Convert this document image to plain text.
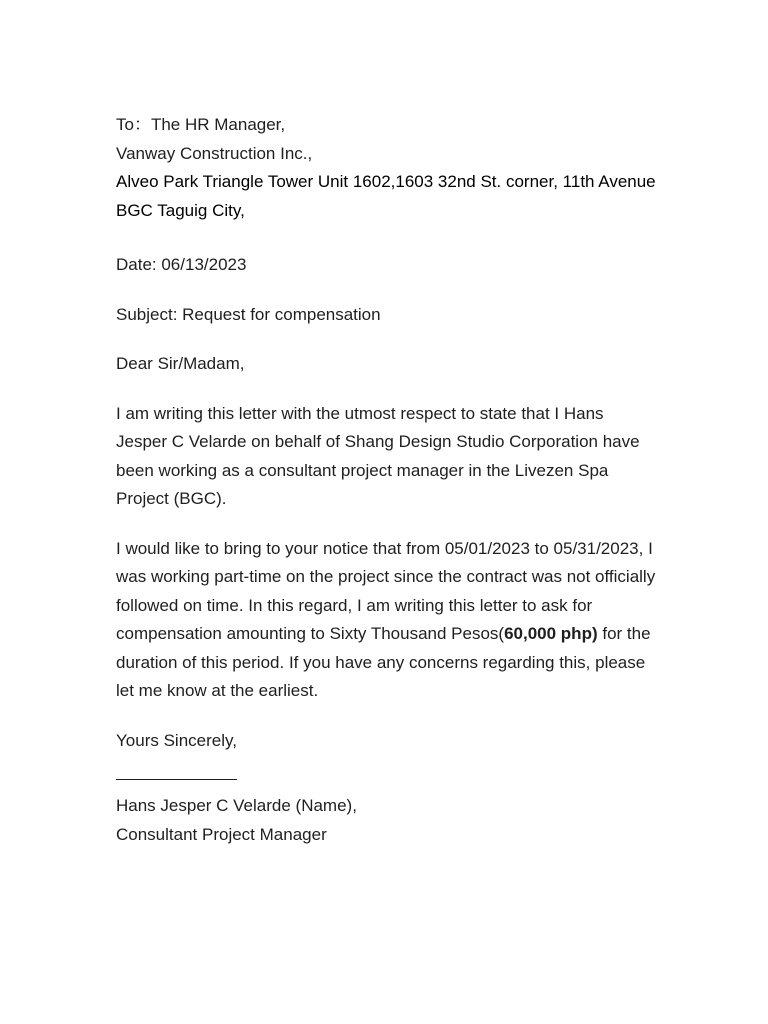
To：The HR Manager,
Vanway Construction Inc.,
Alveo Park Triangle Tower Unit 1602,1603 32nd St. corner, 11th Avenue
BGC Taguig City,
Date: 06/13/2023
Subject: Request for compensation
Dear Sir/Madam,
I am writing this letter with the utmost respect to state that I Hans
Jesper C Velarde on behalf of Shang Design Studio Corporation have
been working as a consultant project manager in the Livezen Spa
Project (BGC).
I would like to bring to your notice that from 05/01/2023 to 05/31/2023, I
was working part-time on the project since the contract was not officially
followed on time. In this regard, I am writing this letter to ask for
compensation amounting to Sixty Thousand Pesos(60,000 php) for the
duration of this period. If you have any concerns regarding this, please
let me know at the earliest.
Yours Sincerely,
Hans Jesper C Velarde (Name),
Consultant Project Manager
